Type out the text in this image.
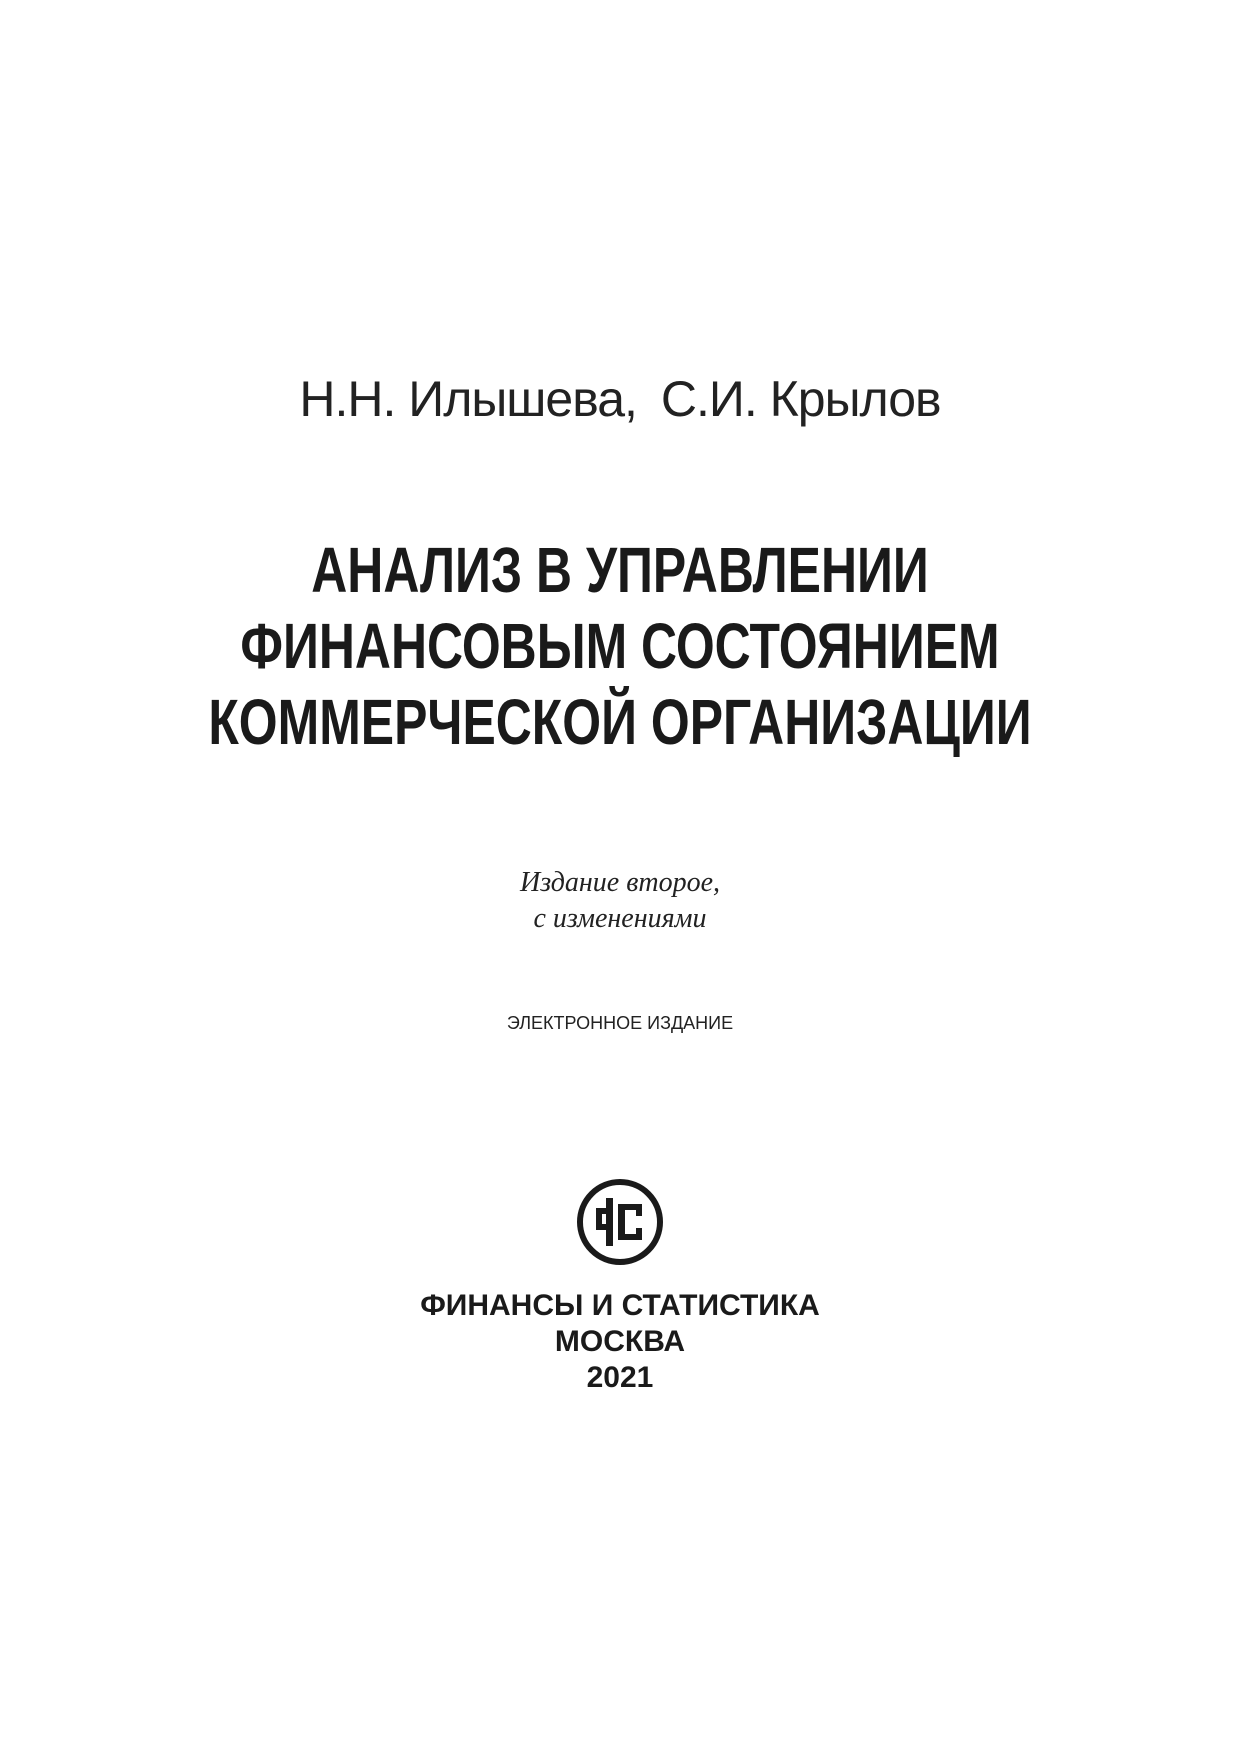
Н.Н. Илышева, С.И. Крылов
АНАЛИЗ В УПРАВЛЕНИИ
ФИНАНСОВЫМ СОСТОЯНИЕМ
КОММЕРЧЕСКОЙ ОРГАНИЗАЦИИ
Издание второе,
с изменениями
ЭЛЕКТРОННОЕ ИЗДАНИЕ
ФИНАНСЫ И СТАТИСТИКА
МОСКВА
2021
